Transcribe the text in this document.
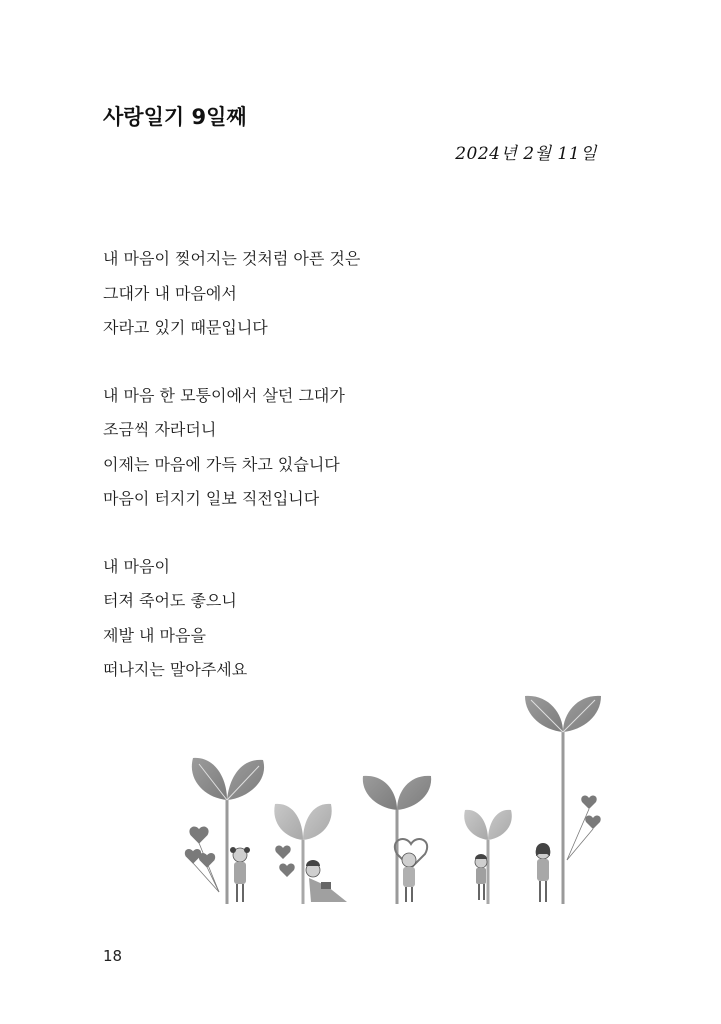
사랑일기 9일째
2024년 2월 11일
내 마음이 찢어지는 것처럼 아픈 것은
그대가 내 마음에서
자라고 있기 때문입니다
내 마음 한 모퉁이에서 살던 그대가
조금씩 자라더니
이제는 마음에 가득 차고 있습니다
마음이 터지기 일보 직전입니다
내 마음이
터져 죽어도 좋으니
제발 내 마음을
떠나지는 말아주세요
18
